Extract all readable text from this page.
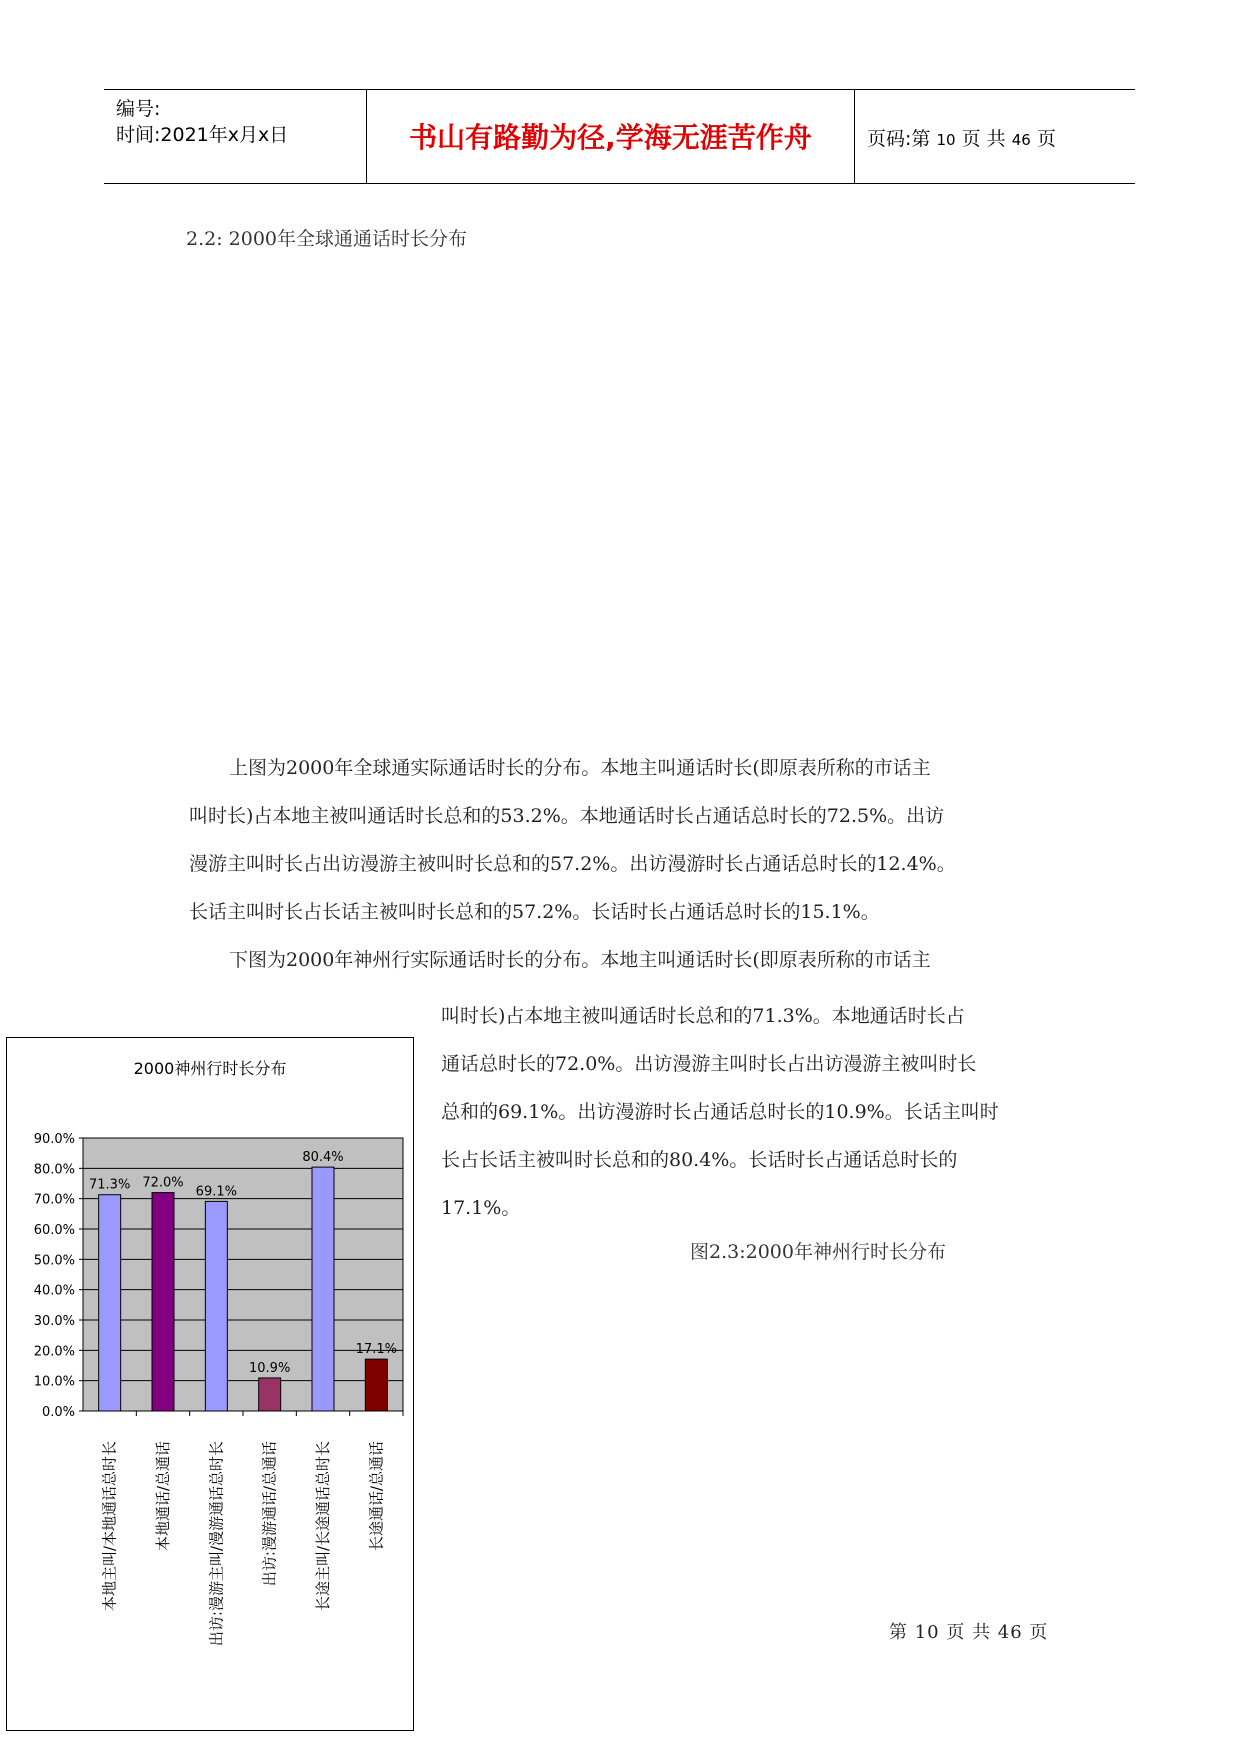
编号:
时间:2021年x月x日	书山有路勤为径,学海无涯苦作舟	页码:第 10 页 共 46 页
2.2: 2000年全球通通话时长分布
上图为2000年全球通实际通话时长的分布。本地主叫通话时长(即原表所称的市话主
叫时长)占本地主被叫通话时长总和的53.2%。本地通话时长占通话总时长的72.5%。出访
漫游主叫时长占出访漫游主被叫时长总和的57.2%。出访漫游时长占通话总时长的12.4%。
长话主叫时长占长话主被叫时长总和的57.2%。长话时长占通话总时长的15.1%。
下图为2000年神州行实际通话时长的分布。本地主叫通话时长(即原表所称的市话主
叫时长)占本地主被叫通话时长总和的71.3%。本地通话时长占
通话总时长的72.0%。出访漫游主叫时长占出访漫游主被叫时长
总和的69.1%。出访漫游时长占通话总时长的10.9%。长话主叫时
长占长话主被叫时长总和的80.4%。长话时长占通话总时长的
17.1%。
图2.3:2000年神州行时长分布
2000神州行时长分布
0.0%
10.0%
20.0%
30.0%
40.0%
50.0%
60.0%
70.0%
80.0%
90.0%
71.3%
本地主叫/本地通话总时长
72.0%
本地通话/总通话
69.1%
出访:漫游主叫/漫游通话总时长
10.9%
出访:漫游通话/总通话
80.4%
长途主叫/长途通话总时长
17.1%
长途通话/总通话
第 10 页 共 46 页
